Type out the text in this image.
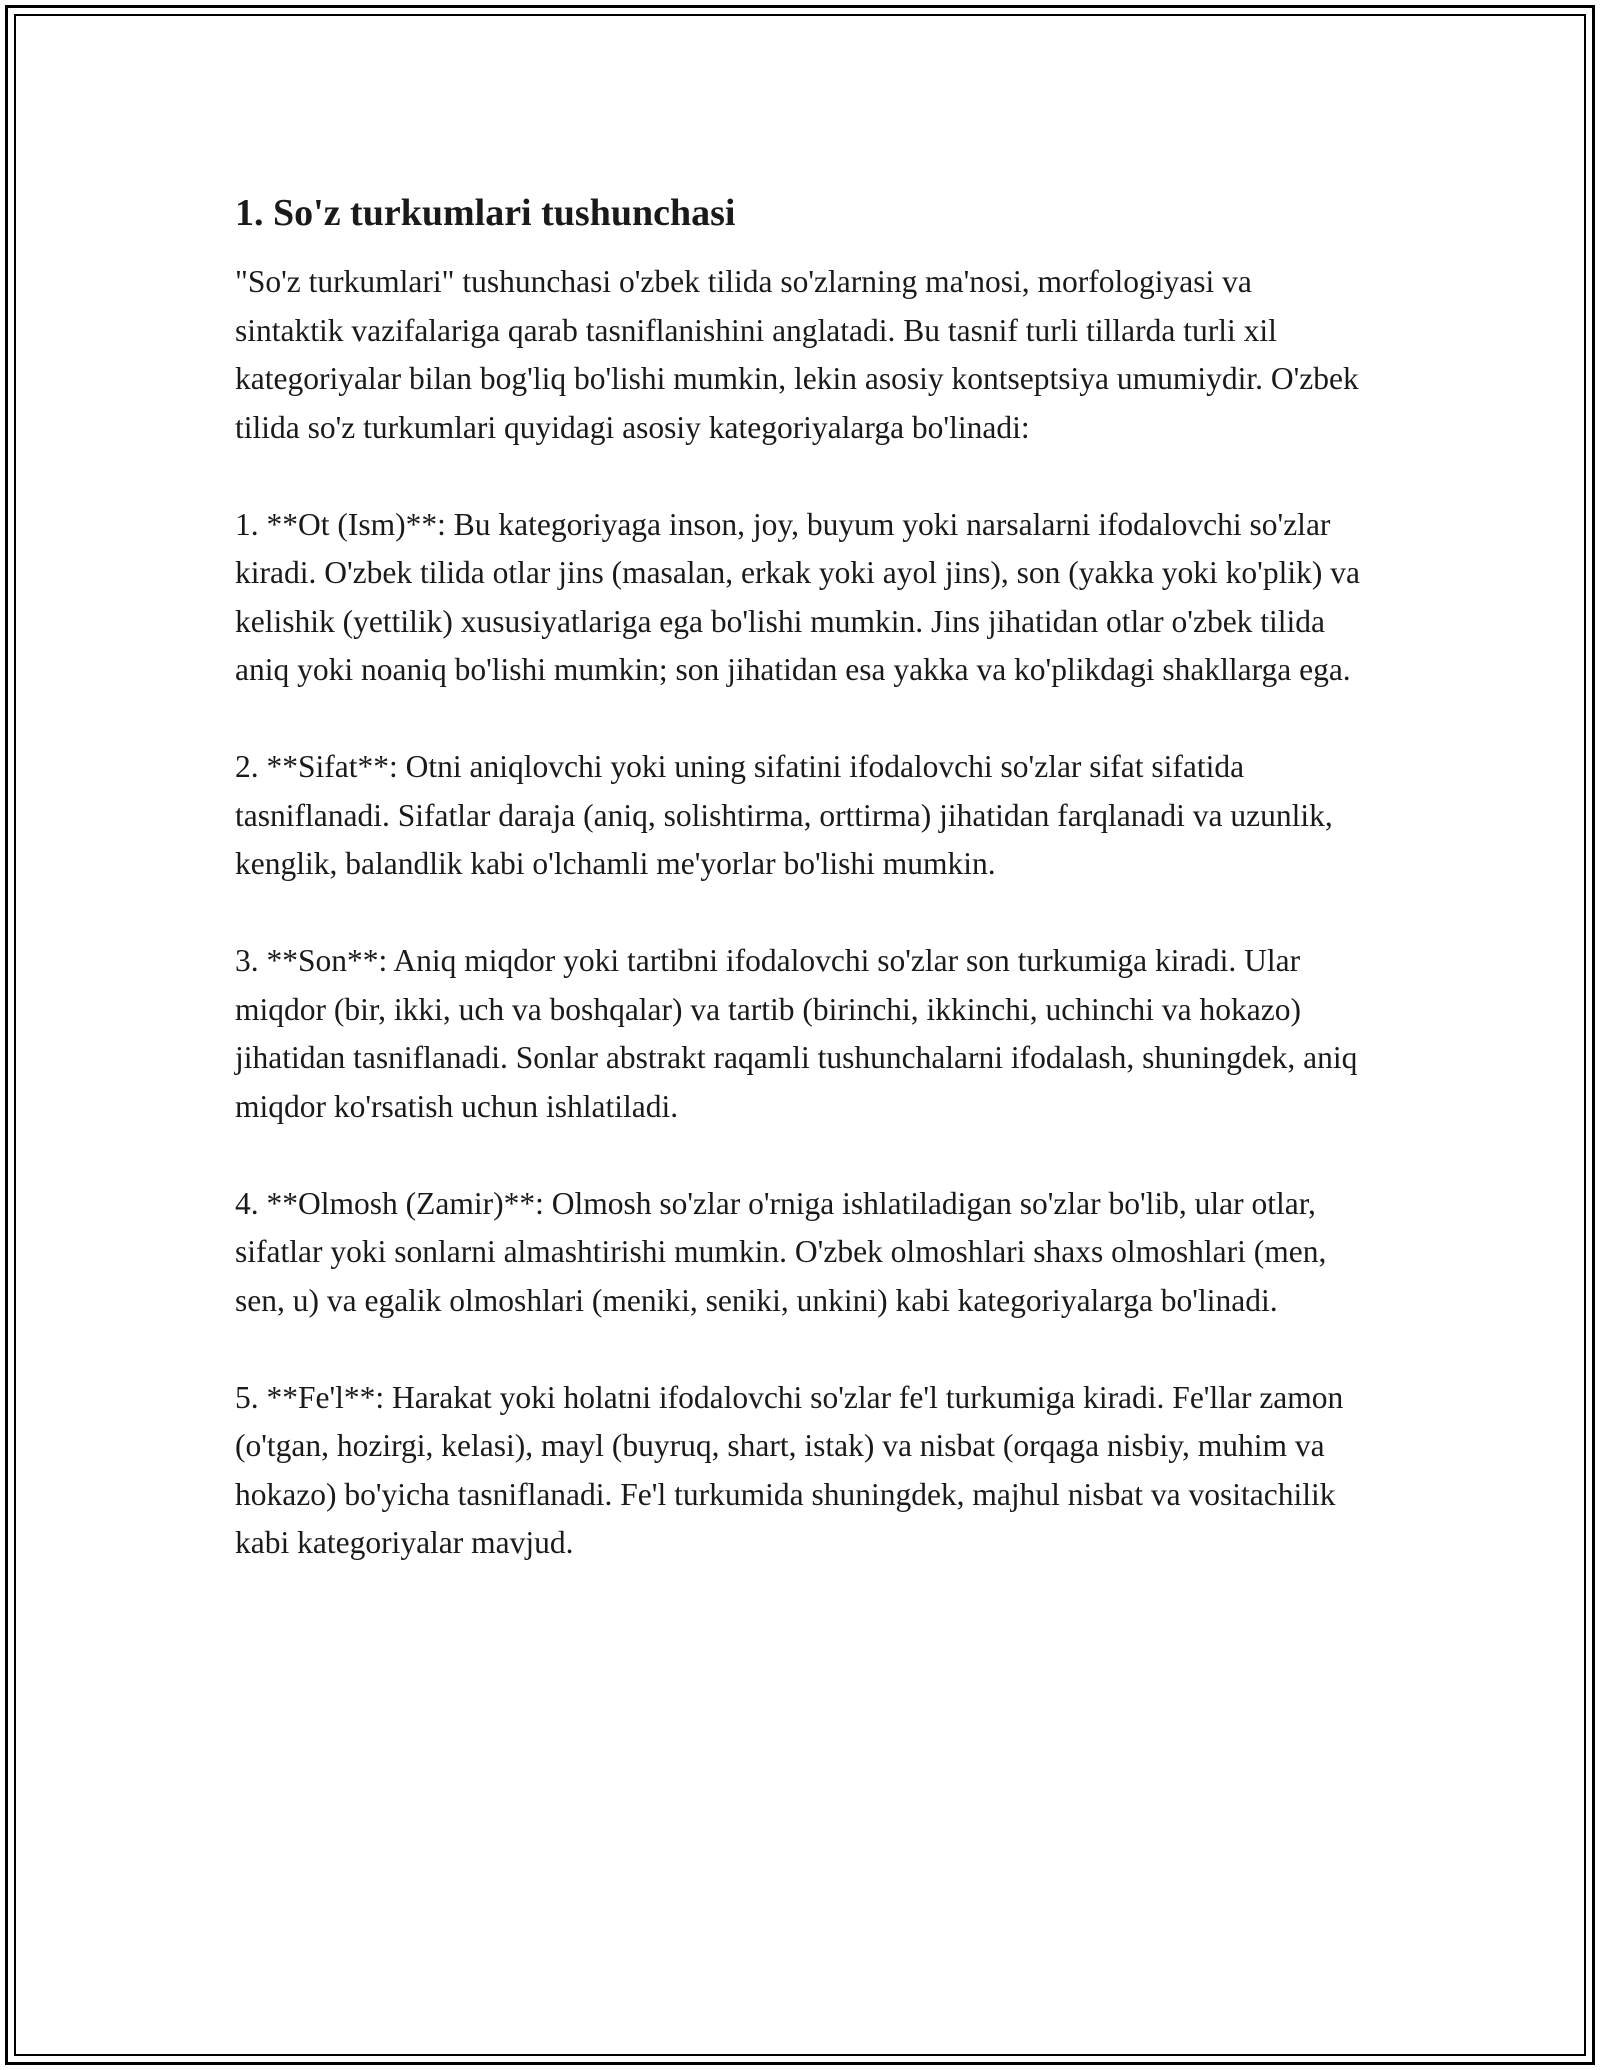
1. So'z turkumlari tushunchasi

"So'z turkumlari" tushunchasi o'zbek tilida so'zlarning ma'nosi, morfologiyasi va sintaktik vazifalariga qarab tasniflanishini anglatadi. Bu tasnif turli tillarda turli xil kategoriyalar bilan bog'liq bo'lishi mumkin, lekin asosiy kontseptsiya umumiydir. O'zbek tilida so'z turkumlari quyidagi asosiy kategoriyalarga bo'linadi:

1. **Ot (Ism)**: Bu kategoriyaga inson, joy, buyum yoki narsalarni ifodalovchi so'zlar kiradi. O'zbek tilida otlar jins (masalan, erkak yoki ayol jins), son (yakka yoki ko'plik) va kelishik (yettilik) xususiyatlariga ega bo'lishi mumkin. Jins jihatidan otlar o'zbek tilida aniq yoki noaniq bo'lishi mumkin; son jihatidan esa yakka va ko'plikdagi shakllarga ega.

2. **Sifat**: Otni aniqlovchi yoki uning sifatini ifodalovchi so'zlar sifat sifatida tasniflanadi. Sifatlar daraja (aniq, solishtirma, orttirma) jihatidan farqlanadi va uzunlik, kenglik, balandlik kabi o'lchamli me'yorlar bo'lishi mumkin.

3. **Son**: Aniq miqdor yoki tartibni ifodalovchi so'zlar son turkumiga kiradi. Ular miqdor (bir, ikki, uch va boshqalar) va tartib (birinchi, ikkinchi, uchinchi va hokazo) jihatidan tasniflanadi. Sonlar abstrakt raqamli tushunchalarni ifodalash, shuningdek, aniq miqdor ko'rsatish uchun ishlatiladi.

4. **Olmosh (Zamir)**: Olmosh so'zlar o'rniga ishlatiladigan so'zlar bo'lib, ular otlar, sifatlar yoki sonlarni almashtirishi mumkin. O'zbek olmoshlari shaxs olmoshlari (men, sen, u) va egalik olmoshlari (meniki, seniki, unkini) kabi kategoriyalarga bo'linadi.

5. **Fe'l**: Harakat yoki holatni ifodalovchi so'zlar fe'l turkumiga kiradi. Fe'llar zamon (o'tgan, hozirgi, kelasi), mayl (buyruq, shart, istak) va nisbat (orqaga nisbiy, muhim va hokazo) bo'yicha tasniflanadi. Fe'l turkumida shuningdek, majhul nisbat va vositachilik kabi kategoriyalar mavjud.
